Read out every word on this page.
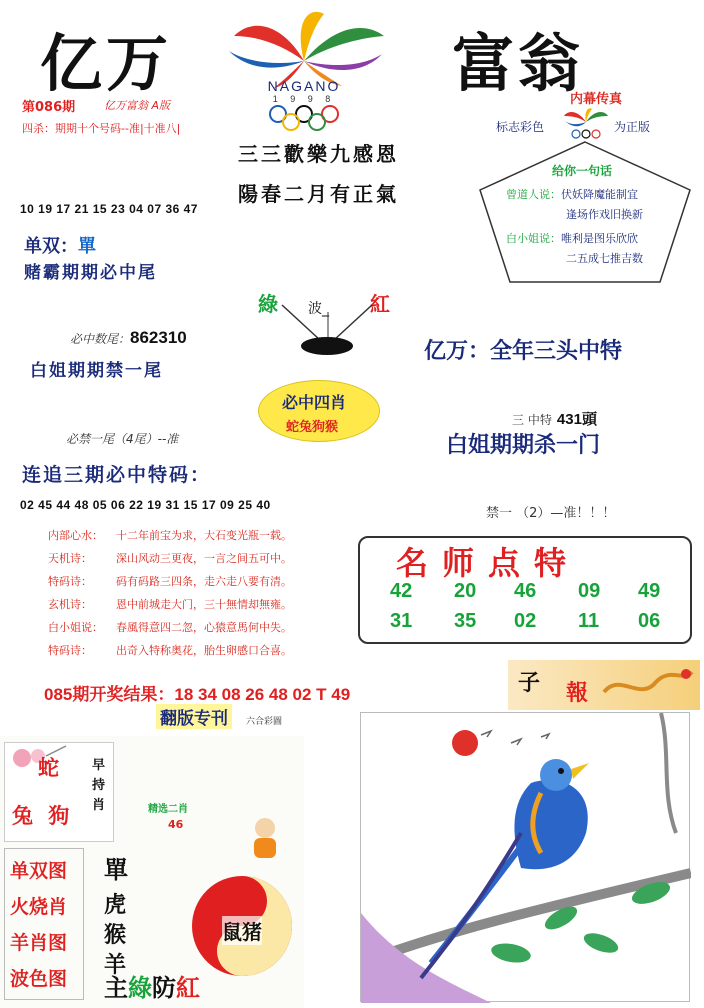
亿万	富翁
NAGANO
1 9 9 8
第086期	亿万富翁 A版
四杀：期期十个号码--准|十准八|
内幕传真
标志彩色	为正版
三三歡樂九感恩
陽春二月有正氣
给你一句话
曾道人说：伏妖降魔能制宜
逢场作戏旧换新
白小姐说：唯利是图乐欣欣
二五成七推吉数
10 19 17 21 15 23 04 07 36 47
单双：單
赌霸期期必中尾
綠 波_ 紅
必中数尾：862310
白姐期期禁一尾
亿万：全年三头中特
必中四肖
蛇兔狗猴	三 中特 431頭
必禁一尾（4尾）--准	白姐期期杀一门
连追三期必中特码：
02 45 44 48 05 06 22 19 31 15 17 09 25 40
禁一 （2）—准！！！
内部心水： 十二年前宝为求，大石变光瓶一载。
天机诗： 深山风动三更夜，一言之间五可中。
特码诗： 码有码路三四条，走六走八要有清。
玄机诗： 恩中前城走大门，三十無情却無雍。
白小姐说： 春風得意四二忽，心猿意馬何中失。
特码诗： 出奇入特称奥花，胎生卵感口合喜。
名师点特
42 20 46 09 49
31 35 02 11 06
085期开奖结果：18 34 08 26 48 02 T 49	子 報
翻版专刊	六合彩圖
蛇
兔 狗
早持肖	精选二肖
46
单双图
火烧肖
羊肖图
波色图
單
虎猴羊
鼠猪
主綠防紅
